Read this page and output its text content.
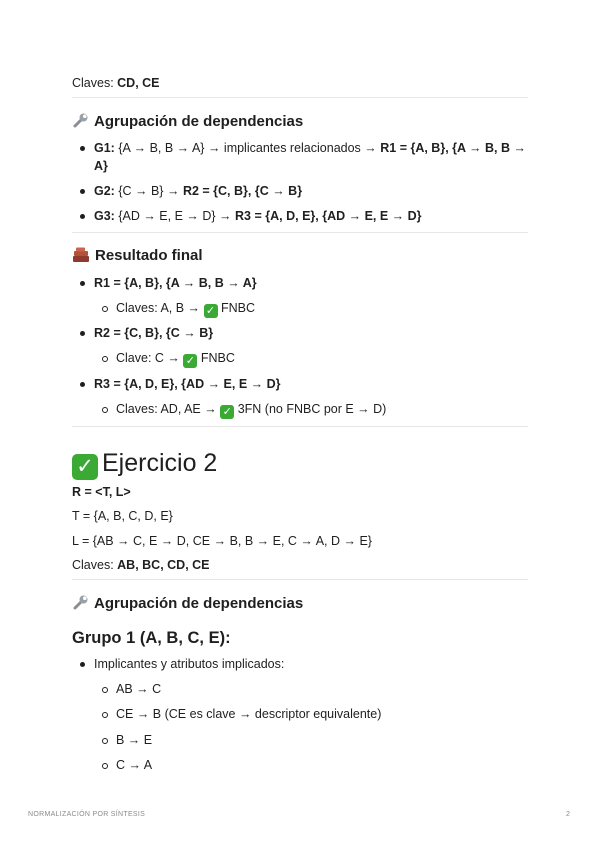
Claves: CD, CE
Agrupación de dependencias
G1: {A → B, B → A} → implicantes relacionados → R1 = {A, B}, {A → B, B →
A}
G2: {C → B} → R2 = {C, B}, {C → B}
G3: {AD → E, E → D} → R3 = {A, D, E}, {AD → E, E → D}
Resultado final
R1 = {A, B}, {A → B, B → A}
Claves: A, B → ✓ FNBC
R2 = {C, B}, {C → B}
Clave: C → ✓ FNBC
R3 = {A, D, E}, {AD → E, E → D}
Claves: AD, AE → ✓ 3FN (no FNBC por E → D)
✓ Ejercicio 2
R = <T, L>
T = {A, B, C, D, E}
L = {AB → C, E → D, CE → B, B → E, C → A, D → E}
Claves: AB, BC, CD, CE
Agrupación de dependencias
Grupo 1 (A, B, C, E):
Implicantes y atributos implicados:
AB → C
CE → B (CE es clave → descriptor equivalente)
B → E
C → A
NORMALIZACIÓN POR SÍNTESIS	2
